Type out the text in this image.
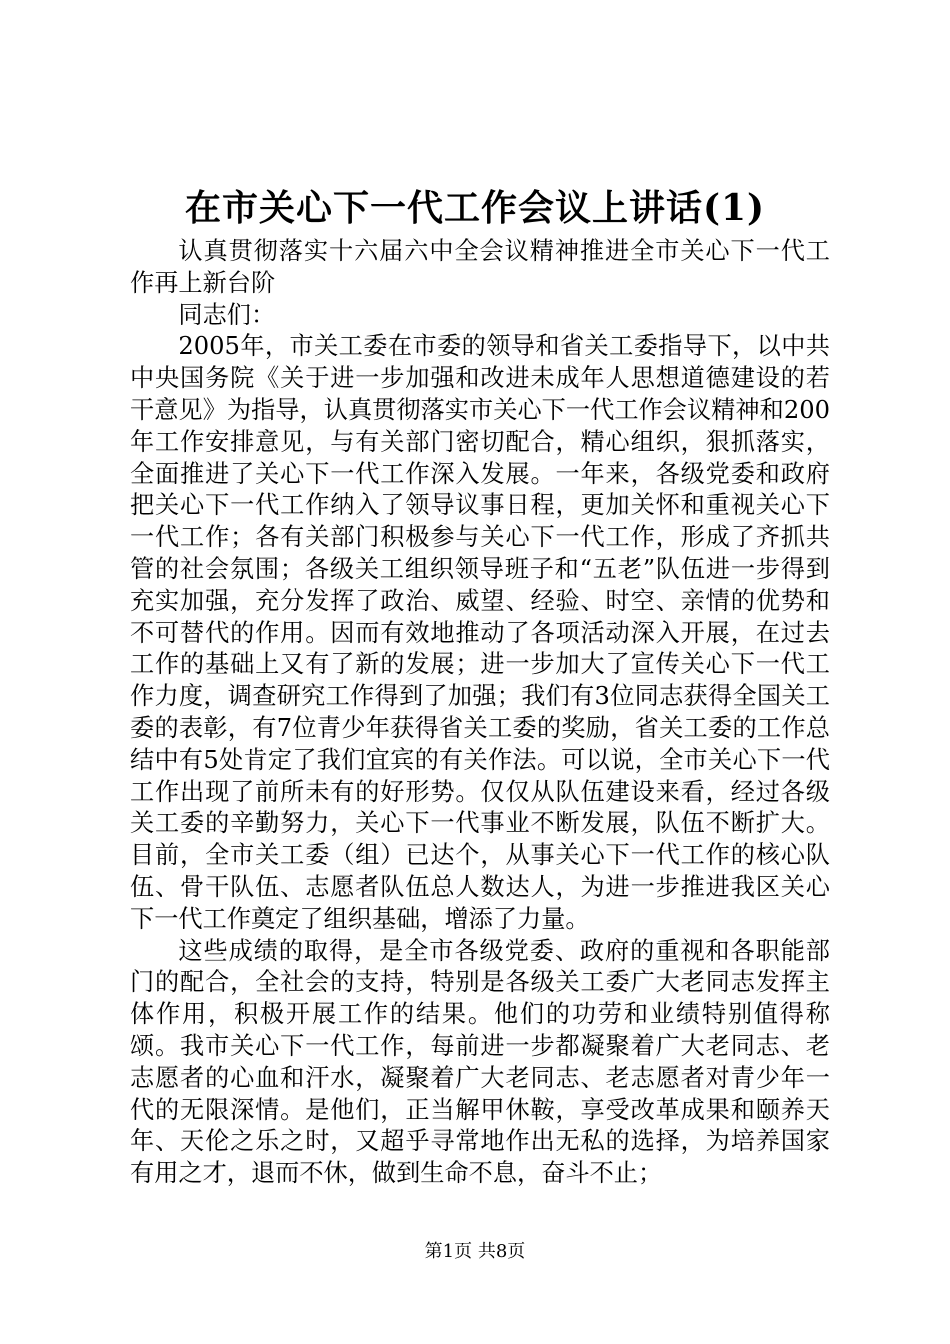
在市关心下一代工作会议上讲话(1)

认真贯彻落实十六届六中全会议精神推进全市关心下一代工作再上新台阶

同志们：

2005年，市关工委在市委的领导和省关工委指导下，以中共中央国务院《关于进一步加强和改进未成年人思想道德建设的若干意见》为指导，认真贯彻落实市关心下一代工作会议精神和200年工作安排意见，与有关部门密切配合，精心组织，狠抓落实，全面推进了关心下一代工作深入发展。一年来，各级党委和政府把关心下一代工作纳入了领导议事日程，更加关怀和重视关心下一代工作；各有关部门积极参与关心下一代工作，形成了齐抓共管的社会氛围；各级关工组织领导班子和“五老”队伍进一步得到充实加强，充分发挥了政治、威望、经验、时空、亲情的优势和不可替代的作用。因而有效地推动了各项活动深入开展，在过去工作的基础上又有了新的发展；进一步加大了宣传关心下一代工作力度，调查研究工作得到了加强；我们有3位同志获得全国关工委的表彰，有7位青少年获得省关工委的奖励，省关工委的工作总结中有5处肯定了我们宜宾的有关作法。可以说，全市关心下一代工作出现了前所未有的好形势。仅仅从队伍建设来看，经过各级关工委的辛勤努力，关心下一代事业不断发展，队伍不断扩大。目前，全市关工委（组）已达个，从事关心下一代工作的核心队伍、骨干队伍、志愿者队伍总人数达人，为进一步推进我区关心下一代工作奠定了组织基础，增添了力量。

这些成绩的取得，是全市各级党委、政府的重视和各职能部门的配合，全社会的支持，特别是各级关工委广大老同志发挥主体作用，积极开展工作的结果。他们的功劳和业绩特别值得称颂。我市关心下一代工作，每前进一步都凝聚着广大老同志、老志愿者的心血和汗水，凝聚着广大老同志、老志愿者对青少年一代的无限深情。是他们，正当解甲休鞍，享受改革成果和颐养天年、天伦之乐之时，又超乎寻常地作出无私的选择，为培养国家有用之才，退而不休，做到生命不息，奋斗不止；

第1页 共8页
